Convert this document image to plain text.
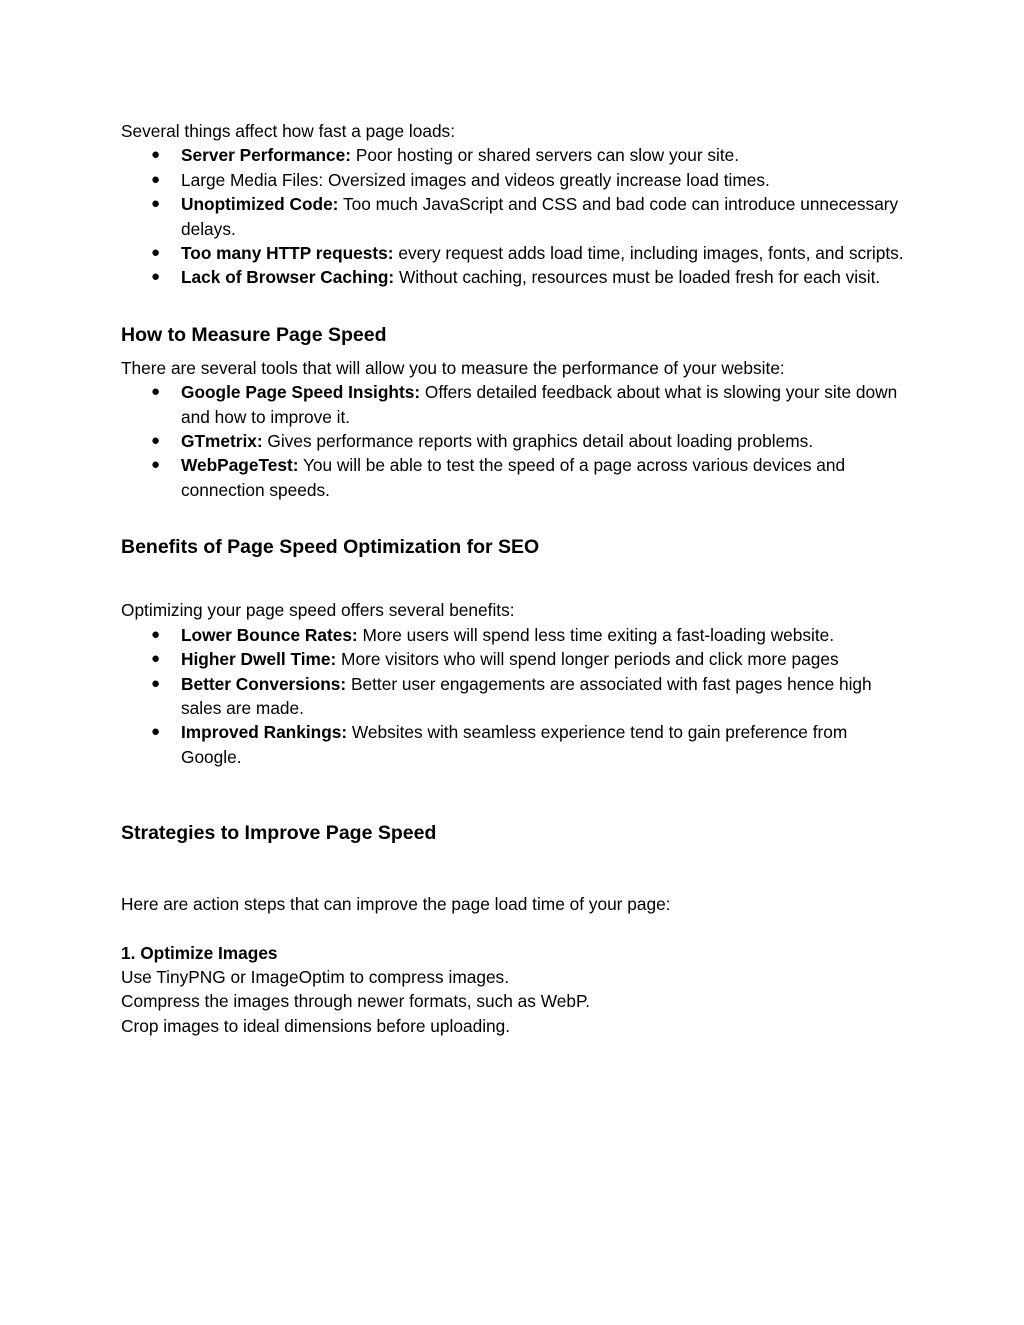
Several things affect how fast a page loads:

● Server Performance: Poor hosting or shared servers can slow your site.
● Large Media Files: Oversized images and videos greatly increase load times.
● Unoptimized Code: Too much JavaScript and CSS and bad code can introduce unnecessary delays.
● Too many HTTP requests: every request adds load time, including images, fonts, and scripts.
● Lack of Browser Caching: Without caching, resources must be loaded fresh for each visit.
How to Measure Page Speed

There are several tools that will allow you to measure the performance of your website:

● Google Page Speed Insights: Offers detailed feedback about what is slowing your site down and how to improve it.
● GTmetrix: Gives performance reports with graphics detail about loading problems.
● WebPageTest: You will be able to test the speed of a page across various devices and connection speeds.
Benefits of Page Speed Optimization for SEO

Optimizing your page speed offers several benefits:

● Lower Bounce Rates: More users will spend less time exiting a fast-loading website.
● Higher Dwell Time: More visitors who will spend longer periods and click more pages
● Better Conversions: Better user engagements are associated with fast pages hence high sales are made.
● Improved Rankings: Websites with seamless experience tend to gain preference from Google.
Strategies to Improve Page Speed

Here are action steps that can improve the page load time of your page:

1. Optimize Images

Use TinyPNG or ImageOptim to compress images.

Compress the images through newer formats, such as WebP.

Crop images to ideal dimensions before uploading.
